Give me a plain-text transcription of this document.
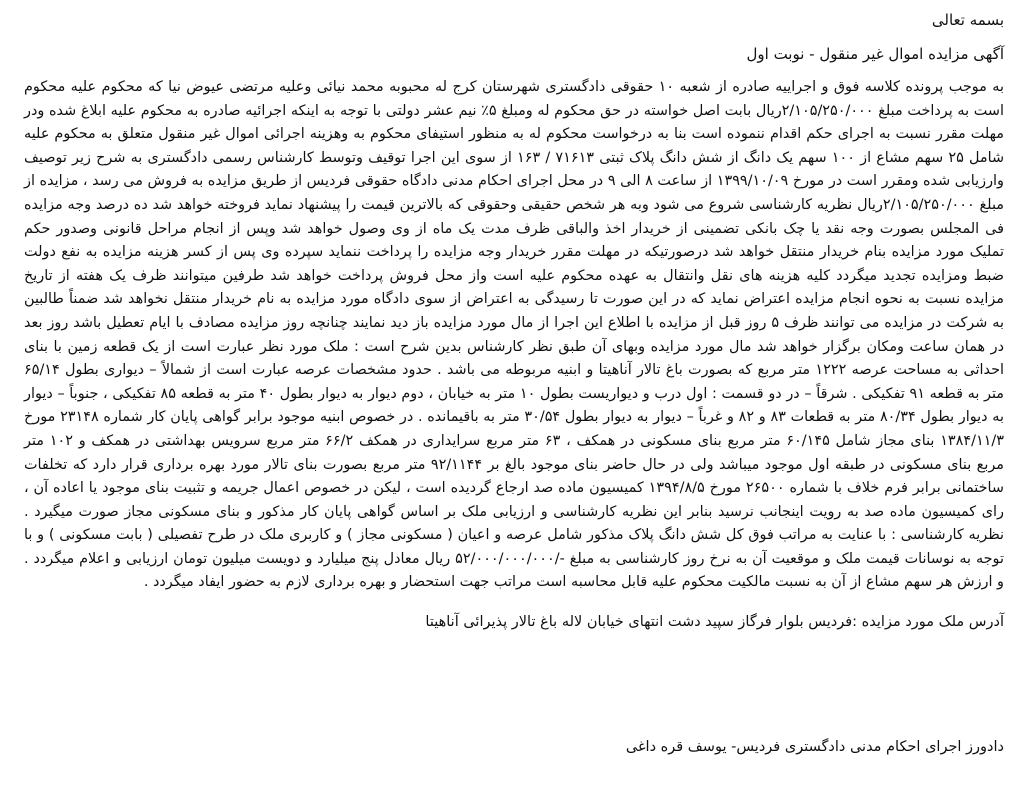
بسمه تعالی

آگهی مزایده اموال غیر منقول - نوبت اول

به موجب پرونده کلاسه فوق و اجراییه صادره از شعبه ۱۰ حقوقی دادگستری شهرستان کرج له محبوبه محمد نیائی وعلیه مرتضی عیوض نیا که محکوم علیه محکوم است به پرداخت مبلغ ۲/۱۰۵/۲۵۰/۰۰۰ریال بابت اصل خواسته در حق محکوم له ومبلغ ۵٪ نیم عشر دولتی با توجه به اینکه اجرائیه صادره به محکوم علیه ابلاغ شده ودر مهلت مقرر نسبت به اجرای حکم اقدام ننموده است بنا به درخواست محکوم له به منظور استیفای محکوم به وهزینه اجرائی اموال غیر منقول متعلق به محکوم علیه شامل ۲۵ سهم مشاع از ۱۰۰ سهم یک دانگ از شش دانگ پلاک ثبتی ۷۱۶۱۳ / ۱۶۳ از سوی این اجرا توقیف وتوسط کارشناس رسمی دادگستری به شرح زیر توصیف وارزیابی شده ومقرر است در مورخ ۱۳۹۹/۱۰/۰۹ از ساعت ۸ الی ۹ در محل اجرای احکام مدنی دادگاه حقوقی فردیس از طریق مزایده به فروش می رسد ، مزایده از مبلغ ۲/۱۰۵/۲۵۰/۰۰۰ریال نظریه کارشناسی شروع می شود وبه هر شخص حقیقی وحقوقی که بالاترین قیمت را پیشنهاد نماید فروخته خواهد شد ده درصد وجه مزایده فی المجلس بصورت وجه نقد یا چک بانکی تضمینی از خریدار اخذ والباقی ظرف مدت یک ماه از وی وصول خواهد شد وپس از انجام مراحل قانونی وصدور حکم تملیک مورد مزایده بنام خریدار منتقل خواهد شد درصورتیکه در مهلت مقرر خریدار وجه مزایده را پرداخت ننماید سپرده وی پس از کسر هزینه مزایده به نفع دولت ضبط ومزایده تجدید میگردد کلیه هزینه های نقل وانتقال به عهده محکوم علیه است واز محل فروش پرداخت خواهد شد طرفین میتوانند ظرف یک هفته از تاریخ مزایده نسبت به نحوه انجام مزایده اعتراض نماید که در این صورت تا رسیدگی به اعتراض از سوی دادگاه مورد مزایده به نام خریدار منتقل نخواهد شد ضمناً طالبین به شرکت در مزایده می توانند ظرف ۵ روز قبل از مزایده با اطلاع این اجرا از مال مورد مزایده باز دید نمایند چنانچه روز مزایده مصادف با ایام تعطیل باشد روز بعد در همان ساعت ومکان برگزار خواهد شد مال مورد مزایده وبهای آن طبق نظر کارشناس بدین شرح است : ملک مورد نظر عبارت است از یک قطعه زمین با بنای احداثی به مساحت عرصه ۱۲۲۲ متر مربع که بصورت باغ تالار آناهیتا و ابنیه مربوطه می باشد . حدود مشخصات عرصه عبارت است از شمالاً – دیواری بطول ۶۵/۱۴ متر به قطعه ۹۱ تفکیکی . شرقاً – در دو قسمت : اول درب و دیواریست بطول ۱۰ متر به خیابان ، دوم دیوار به دیوار بطول ۴۰ متر به قطعه ۸۵ تفکیکی ، جنوباً – دیوار به دیوار بطول ۸۰/۳۴ متر به قطعات ۸۳ و ۸۲ و غرباً – دیوار به دیوار بطول ۳۰/۵۴ متر به باقیمانده . در خصوص ابنیه موجود برابر گواهی پایان کار شماره ۲۳۱۴۸ مورخ ۱۳۸۴/۱۱/۳ بنای مجاز شامل ۶۰/۱۴۵ متر مربع بنای مسکونی در همکف ، ۶۳ متر مربع سرایداری در همکف ۶۶/۲ متر مربع سرویس بهداشتی در همکف و ۱۰۲ متر مربع بنای مسکونی در طبقه اول موجود میباشد ولی در حال حاضر بنای موجود بالغ بر ۹۲/۱۱۴۴ متر مربع بصورت بنای تالار مورد بهره برداری قرار دارد که تخلفات ساختمانی برابر فرم خلاف با شماره ۲۶۵۰۰ مورخ ۱۳۹۴/۸/۵ کمیسیون ماده صد ارجاع گردیده است ، لیکن در خصوص اعمال جریمه و تثبیت بنای موجود یا اعاده آن ، رای کمیسیون ماده صد به رویت اینجانب نرسید بنابر این نظریه کارشناسی و ارزیابی ملک بر اساس گواهی پایان کار مذکور و بنای مسکونی مجاز صورت میگیرد . نظریه کارشناسی : با عنایت به مراتب فوق کل شش دانگ پلاک مذکور شامل عرصه و اعیان ( مسکونی مجاز ) و کاربری ملک در طرح تفصیلی ( بابت مسکونی ) و با توجه به نوسانات قیمت ملک و موقعیت آن به نرخ روز کارشناسی به مبلغ -/۵۲/۰۰۰/۰۰۰/۰۰۰ ریال معادل پنج میلیارد و دویست میلیون تومان ارزیابی و اعلام میگردد . و ارزش هر سهم مشاع از آن به نسبت مالکیت محکوم علیه قابل محاسبه است مراتب جهت استحضار و بهره برداری لازم به حضور ایفاد میگردد .

آدرس ملک مورد مزایده :فردیس بلوار فرگاز سپید دشت انتهای خیابان لاله باغ تالار پذیرائی آناهیتا

دادورز اجرای احکام مدنی دادگستری فردیس- یوسف قره داغی
